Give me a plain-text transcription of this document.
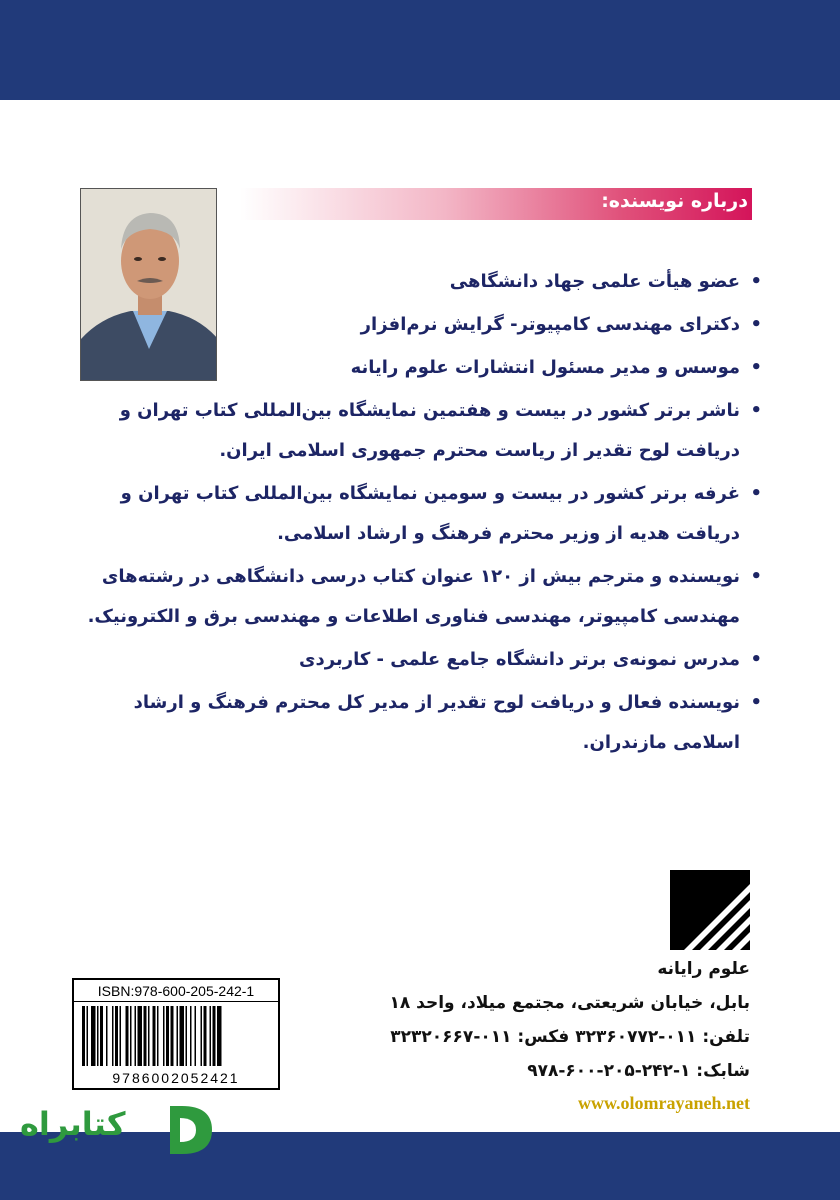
درباره نویسنده:
• عضو هیأت علمی جهاد دانشگاهی
• دکترای مهندسی کامپیوتر- گرایش نرم‌افزار
• موسس و مدیر مسئول انتشارات علوم رایانه
• ناشر برتر کشور در بیست و هفتمین نمایشگاه بین‌المللی کتاب تهران و دریافت لوح تقدیر از ریاست محترم جمهوری اسلامی ایران.
• غرفه برتر کشور در بیست و سومین نمایشگاه بین‌المللی کتاب تهران و دریافت هدیه از وزیر محترم فرهنگ و ارشاد اسلامی.
• نویسنده و مترجم بیش از ۱۲۰ عنوان کتاب درسی دانشگاهی در رشته‌های مهندسی کامپیوتر، مهندسی فناوری اطلاعات و مهندسی برق و الکترونیک.
• مدرس نمونه‌ی برتر دانشگاه جامع علمی - کاربردی
• نویسنده فعال و دریافت لوح تقدیر از مدیر کل محترم فرهنگ و ارشاد اسلامی مازندران.
علوم رایانه
بابل، خیابان شریعتی، مجتمع میلاد، واحد ۱۸
تلفن: ۰۱۱-۳۲۳۶۰۷۷۲ فکس: ۰۱۱-۳۲۳۲۰۶۶۷
شابک: ۱-۲۴۲-۲۰۵-۶۰۰-۹۷۸
www.olomrayaneh.net
ISBN:978-600-205-242-1
9786002052421
کتابراه
